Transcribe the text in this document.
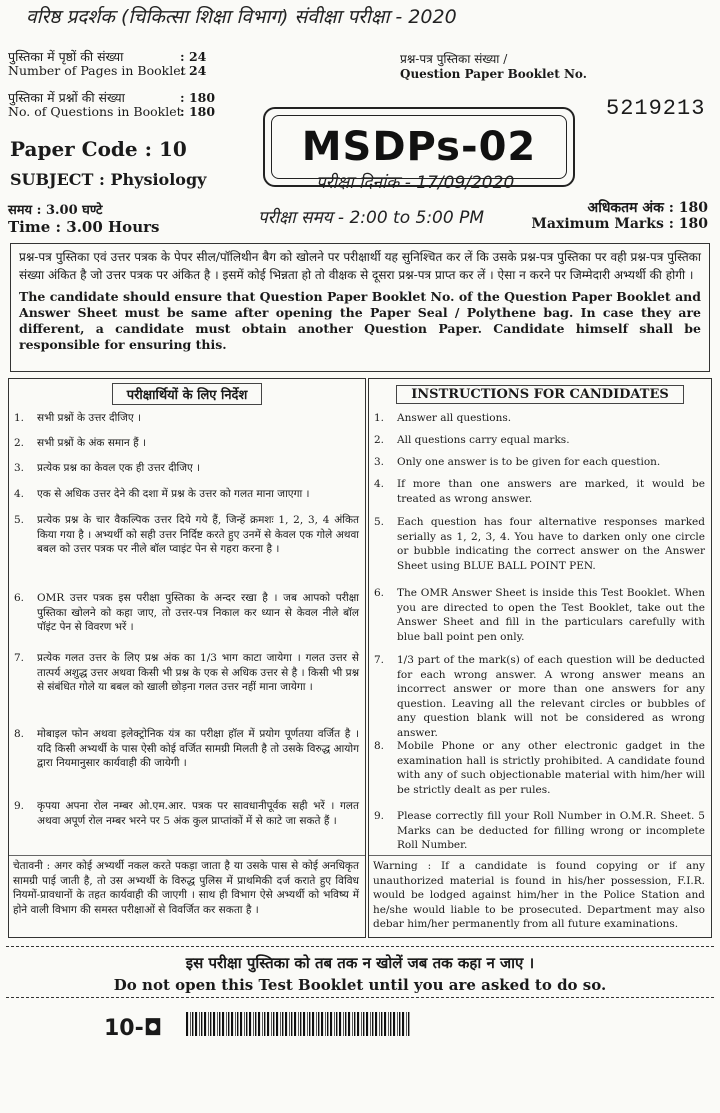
वरिष्ठ प्रदर्शक (चिकित्सा शिक्षा विभाग) संवीक्षा परीक्षा - 2020
पुस्तिका में पृष्ठों की संख्या	: 24
Number of Pages in Booklet
: 24
पुस्तिका में प्रश्नों की संख्या	: 180
No. of Questions in Booklet
: 180
प्रश्न-पत्र पुस्तिका संख्या /
Question Paper Booklet No.
5219213
Paper Code : 10
SUBJECT : Physiology
MSDPs-02
परीक्षा दिनांक - 17/09/2020
परीक्षा समय - 2:00 to 5:00 PM
समय : 3.00 घण्टे
Time : 3.00 Hours
अधिकतम अंक : 180
Maximum Marks : 180

प्रश्न-पत्र पुस्तिका एवं उत्तर पत्रक के पेपर सील/पॉलिथीन बैग को खोलने पर परीक्षार्थी यह सुनिश्चित कर लें कि उसके प्रश्न-पत्र पुस्तिका पर वही प्रश्न-पत्र पुस्तिका संख्या अंकित है जो उत्तर पत्रक पर अंकित है । इसमें कोई भिन्नता हो तो वीक्षक से दूसरा प्रश्न-पत्र प्राप्त कर लें । ऐसा न करने पर जिम्मेदारी अभ्यर्थी की होगी ।

The candidate should ensure that Question Paper Booklet No. of the Question Paper Booklet and Answer Sheet must be same after opening the Paper Seal / Polythene bag. In case they are different, a candidate must obtain another Question Paper. Candidate himself shall be responsible for ensuring this.

परीक्षार्थियों के लिए निर्देश
1. सभी प्रश्नों के उत्तर दीजिए ।
2. सभी प्रश्नों के अंक समान हैं ।
3. प्रत्येक प्रश्न का केवल एक ही उत्तर दीजिए ।
4. एक से अधिक उत्तर देने की दशा में प्रश्न के उत्तर को गलत माना जाएगा ।
5. प्रत्येक प्रश्न के चार वैकल्पिक उत्तर दिये गये हैं, जिन्हें क्रमशः 1, 2, 3, 4 अंकित किया गया है । अभ्यर्थी को सही उत्तर निर्दिष्ट करते हुए उनमें से केवल एक गोले अथवा बबल को उत्तर पत्रक पर नीले बॉल प्वाइंट पेन से गहरा करना है ।
6. OMR उत्तर पत्रक इस परीक्षा पुस्तिका के अन्दर रखा है । जब आपको परीक्षा पुस्तिका खोलने को कहा जाए, तो उत्तर-पत्र निकाल कर ध्यान से केवल नीले बॉल पॉइंट पेन से विवरण भरें ।
7. प्रत्येक गलत उत्तर के लिए प्रश्न अंक का 1/3 भाग काटा जायेगा । गलत उत्तर से तात्पर्य अशुद्ध उत्तर अथवा किसी भी प्रश्न के एक से अधिक उत्तर से है । किसी भी प्रश्न से संबंधित गोले या बबल को खाली छोड़ना गलत उत्तर नहीं माना जायेगा ।
8. मोबाइल फोन अथवा इलेक्ट्रोनिक यंत्र का परीक्षा हॉल में प्रयोग पूर्णतया वर्जित है । यदि किसी अभ्यर्थी के पास ऐसी कोई वर्जित सामग्री मिलती है तो उसके विरुद्ध आयोग द्वारा नियमानुसार कार्यवाही की जायेगी ।
9. कृपया अपना रोल नम्बर ओ.एम.आर. पत्रक पर सावधानीपूर्वक सही भरें । गलत अथवा अपूर्ण रोल नम्बर भरने पर 5 अंक कुल प्राप्तांकों में से काटे जा सकते हैं ।
चेतावनी : अगर कोई अभ्यर्थी नकल करते पकड़ा जाता है या उसके पास से कोई अनधिकृत सामग्री पाई जाती है, तो उस अभ्यर्थी के विरुद्ध पुलिस में प्राथमिकी दर्ज कराते हुए विविध नियमों-प्रावधानों के तहत कार्यवाही की जाएगी । साथ ही विभाग ऐसे अभ्यर्थी को भविष्य में होने वाली विभाग की समस्त परीक्षाओं से विवर्जित कर सकता है ।
INSTRUCTIONS FOR CANDIDATES
1. Answer all questions.
2. All questions carry equal marks.
3. Only one answer is to be given for each question.
4. If more than one answers are marked, it would be treated as wrong answer.
5. Each question has four alternative responses marked serially as 1, 2, 3, 4. You have to darken only one circle or bubble indicating the correct answer on the Answer Sheet using BLUE BALL POINT PEN.
6. The OMR Answer Sheet is inside this Test Booklet. When you are directed to open the Test Booklet, take out the Answer Sheet and fill in the particulars carefully with blue ball point pen only.
7. 1/3 part of the mark(s) of each question will be deducted for each wrong answer. A wrong answer means an incorrect answer or more than one answers for any question. Leaving all the relevant circles or bubbles of any question blank will not be considered as wrong answer.
8. Mobile Phone or any other electronic gadget in the examination hall is strictly prohibited. A candidate found with any of such objectionable material with him/her will be strictly dealt as per rules.
9. Please correctly fill your Roll Number in O.M.R. Sheet. 5 Marks can be deducted for filling wrong or incomplete Roll Number.
Warning : If a candidate is found copying or if any unauthorized material is found in his/her possession, F.I.R. would be lodged against him/her in the Police Station and he/she would liable to be prosecuted. Department may also debar him/her permanently from all future examinations.
इस परीक्षा पुस्तिका को तब तक न खोलें जब तक कहा न जाए ।
Do not open this Test Booklet until you are asked to do so.
10-◘
